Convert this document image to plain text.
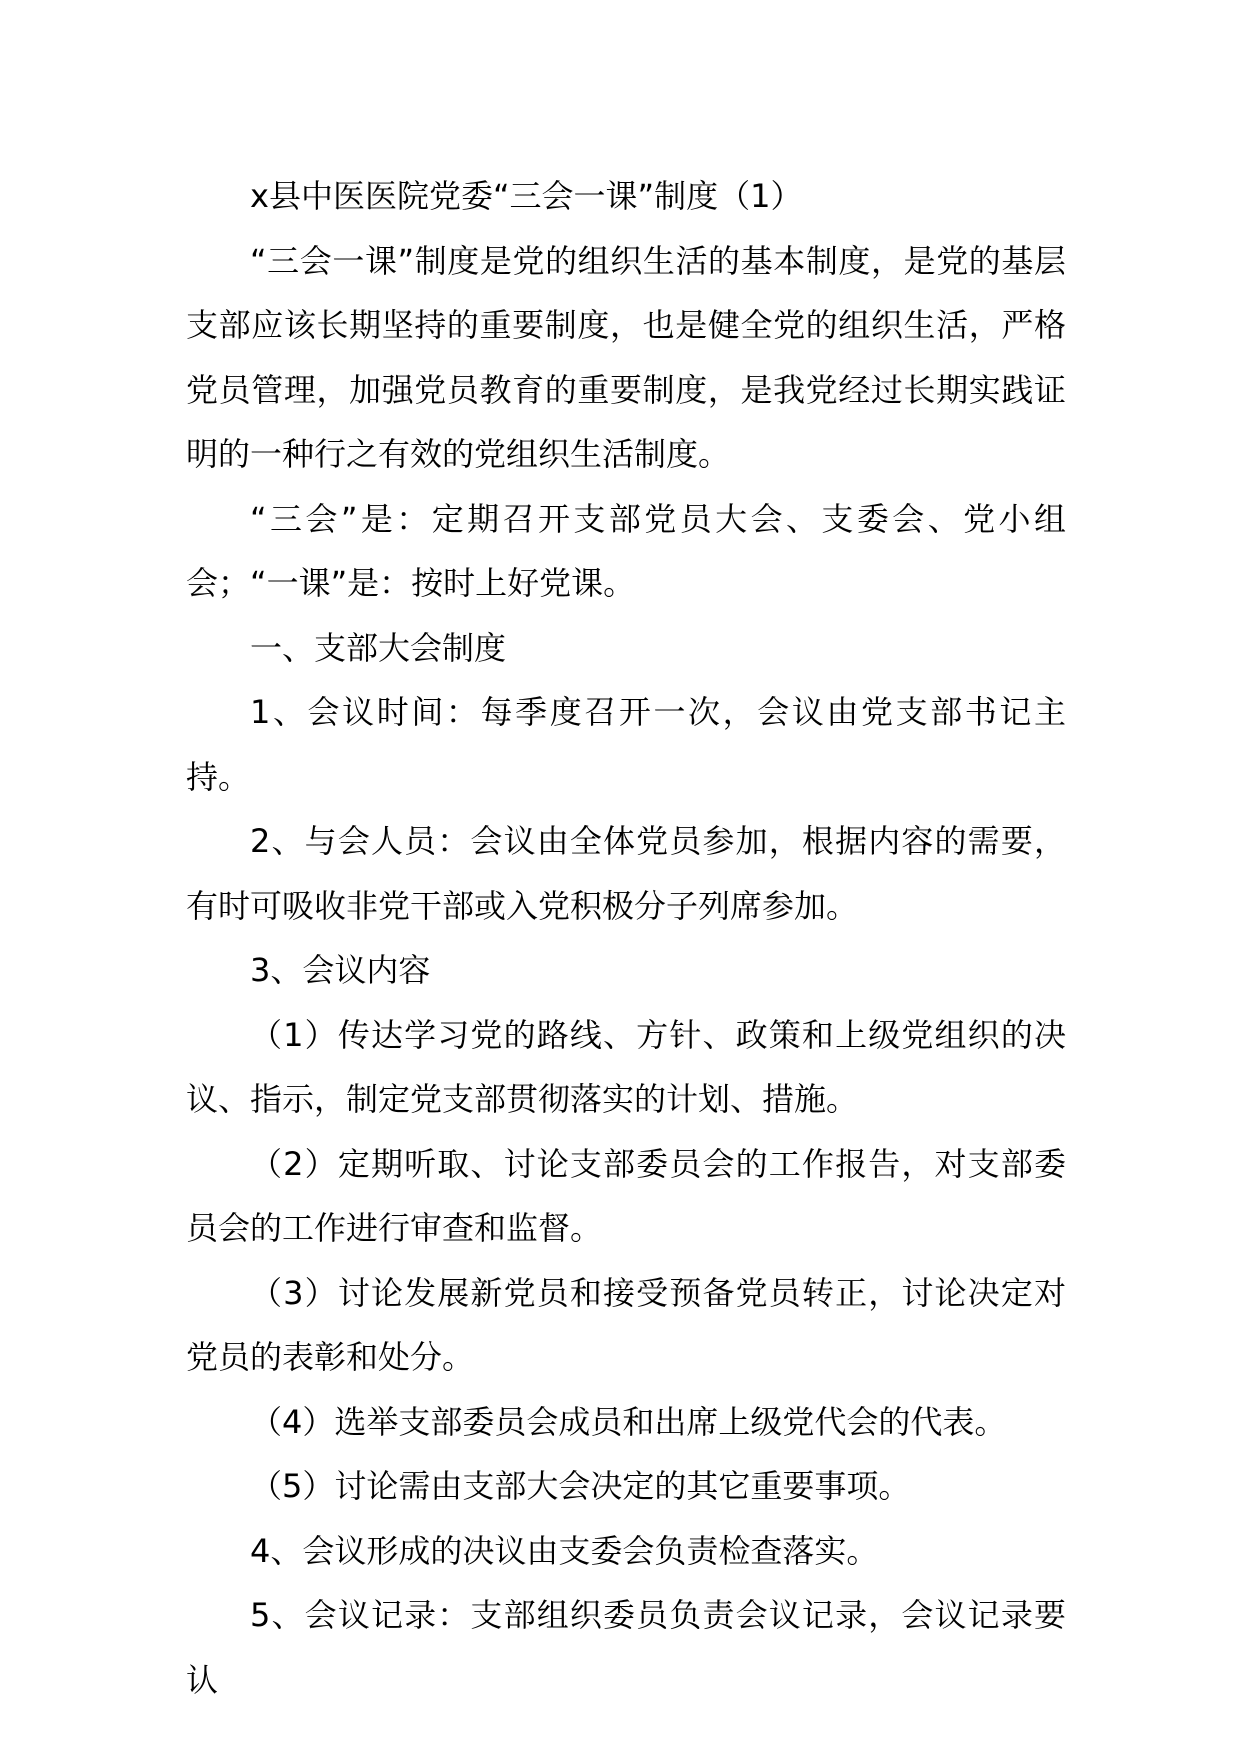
x县中医医院党委“三会一课”制度（1）

“三会一课”制度是党的组织生活的基本制度，是党的基层支部应该长期坚持的重要制度，也是健全党的组织生活，严格党员管理，加强党员教育的重要制度，是我党经过长期实践证明的一种行之有效的党组织生活制度。

“三会”是：定期召开支部党员大会、支委会、党小组会；“一课”是：按时上好党课。

一、支部大会制度

1、会议时间：每季度召开一次，会议由党支部书记主持。

2、与会人员：会议由全体党员参加，根据内容的需要，有时可吸收非党干部或入党积极分子列席参加。

3、会议内容

（1）传达学习党的路线、方针、政策和上级党组织的决议、指示，制定党支部贯彻落实的计划、措施。

（2）定期听取、讨论支部委员会的工作报告，对支部委员会的工作进行审查和监督。

（3）讨论发展新党员和接受预备党员转正，讨论决定对党员的表彰和处分。

（4）选举支部委员会成员和出席上级党代会的代表。

（5）讨论需由支部大会决定的其它重要事项。

4、会议形成的决议由支委会负责检查落实。

5、会议记录：支部组织委员负责会议记录，会议记录要认
